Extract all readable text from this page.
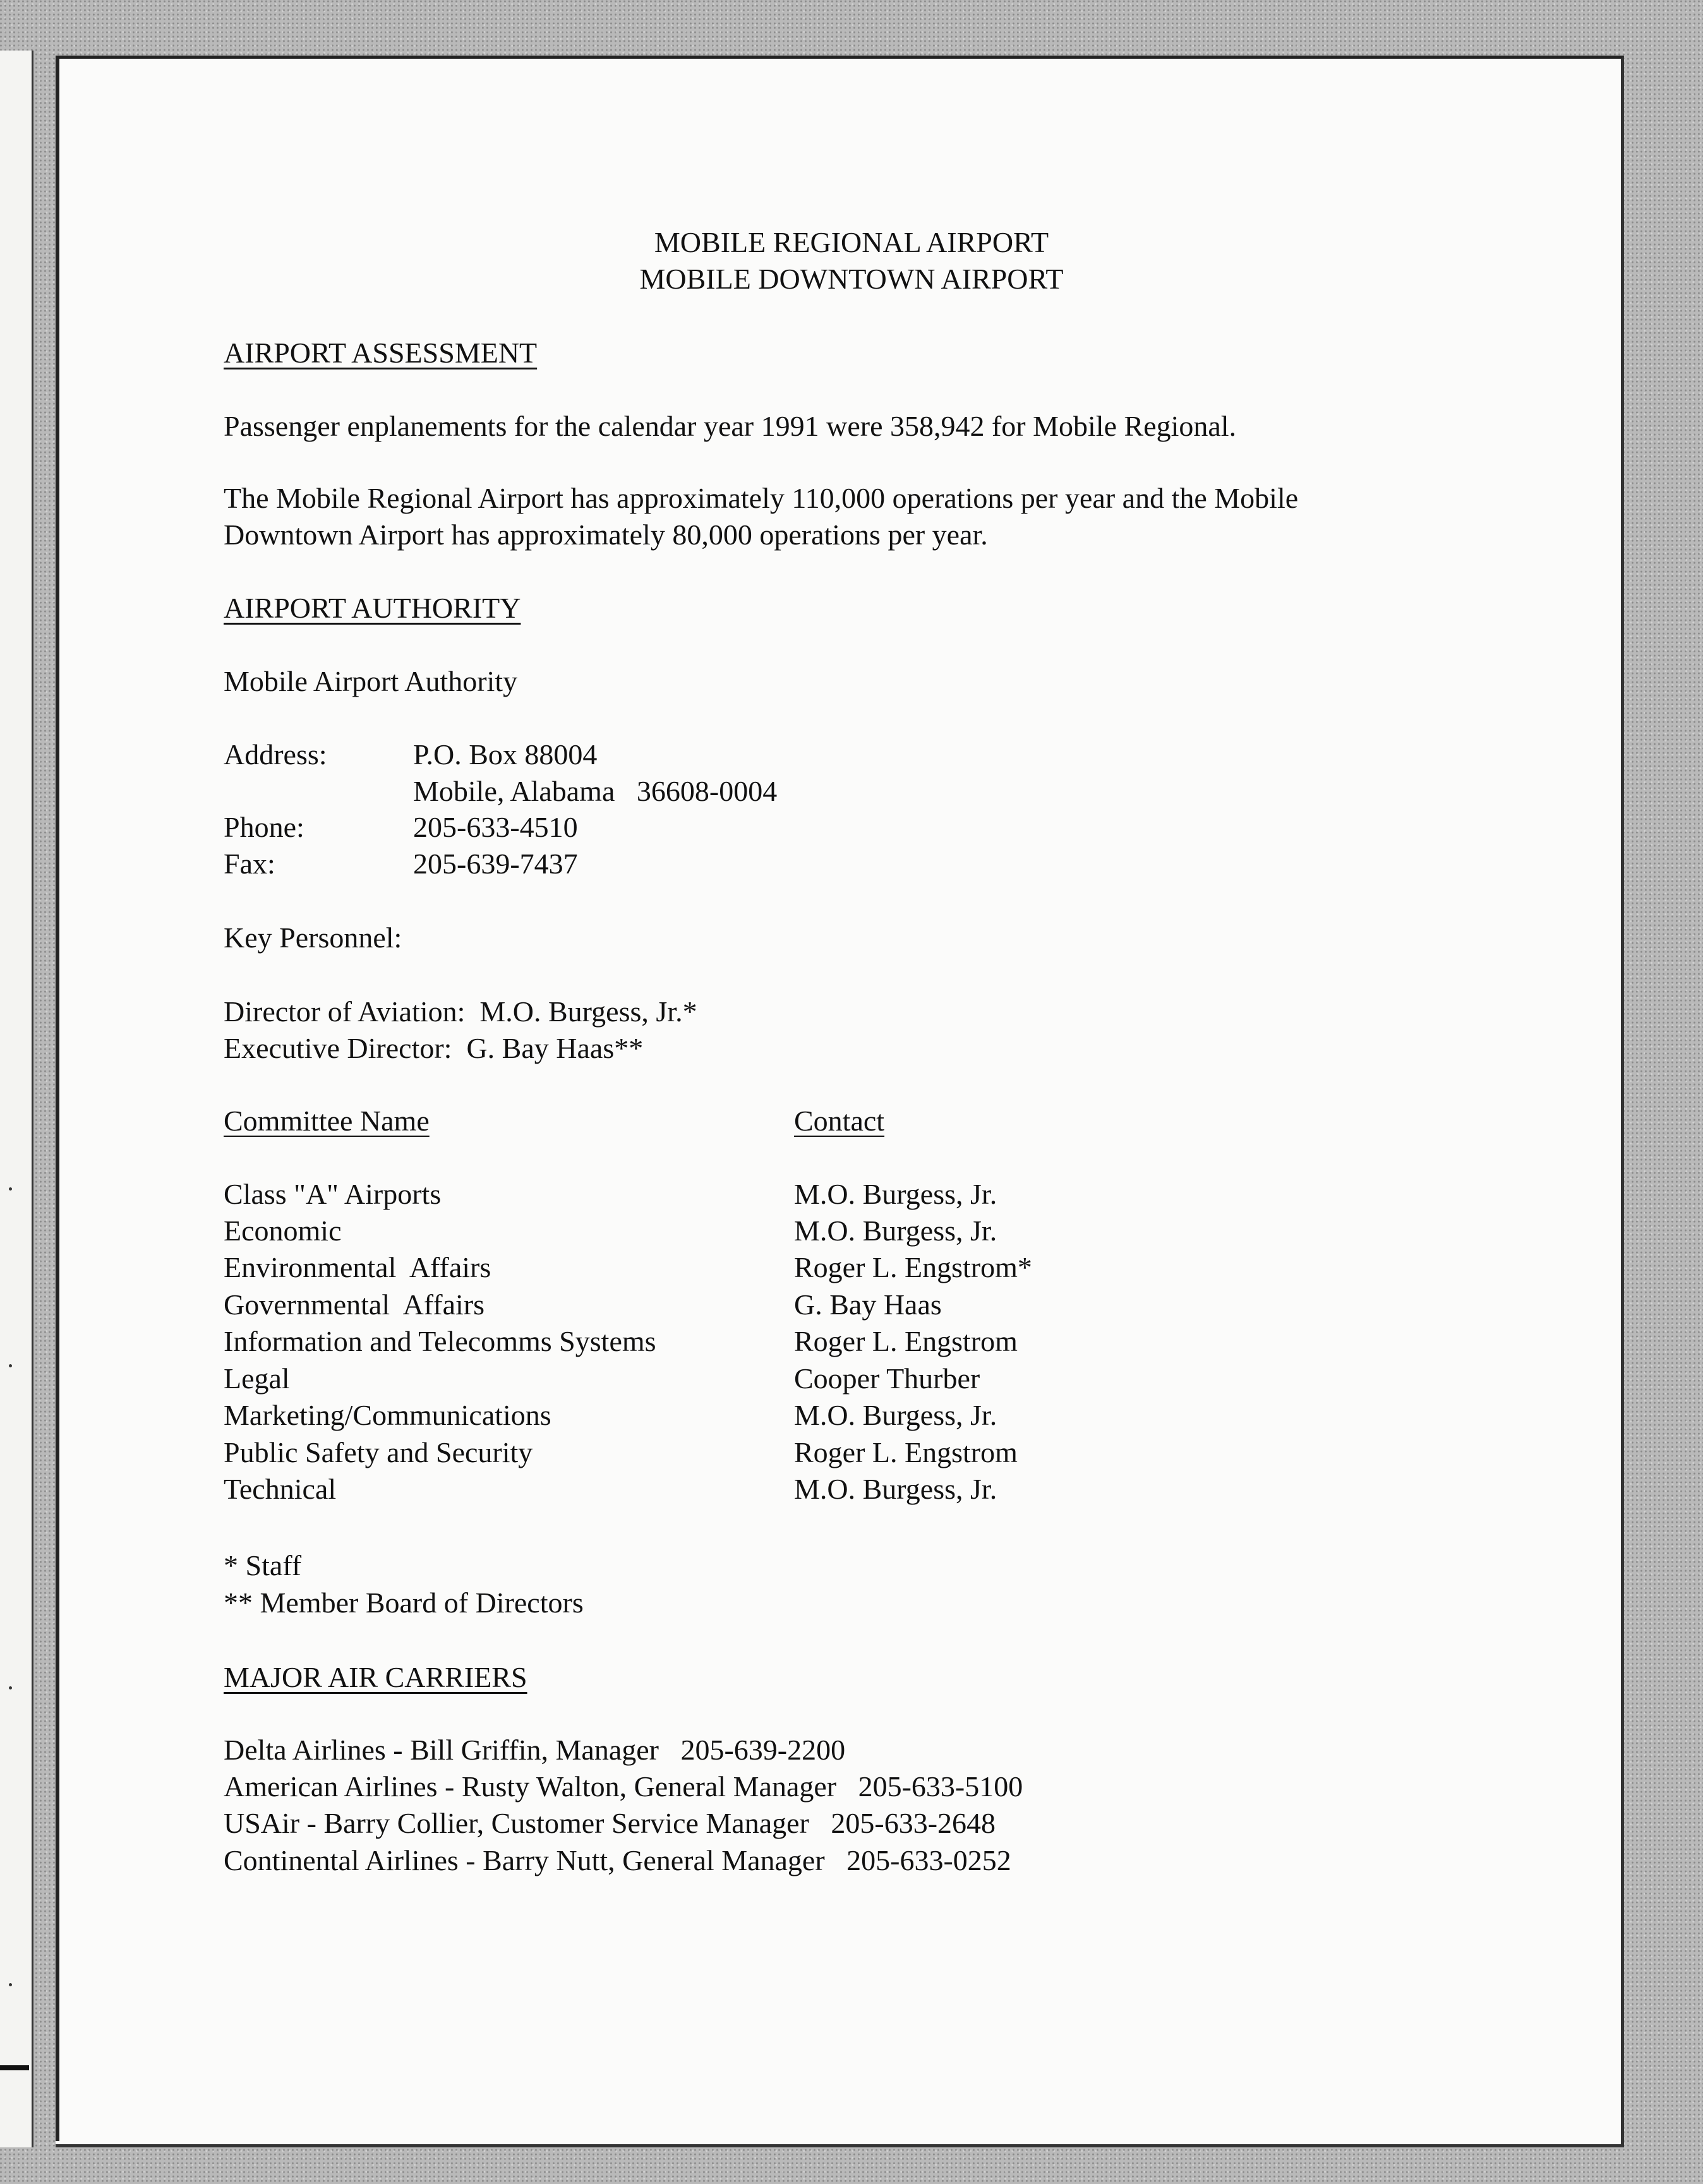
MOBILE REGIONAL AIRPORT
MOBILE DOWNTOWN AIRPORT
AIRPORT ASSESSMENT
Passenger enplanements for the calendar year 1991 were 358,942 for Mobile Regional.
The Mobile Regional Airport has approximately 110,000 operations per year and the Mobile
Downtown Airport has approximately 80,000 operations per year.
AIRPORT AUTHORITY
Mobile Airport Authority
Address:	P.O. Box 88004
Mobile, Alabama   36608-0004
Phone:	205-633-4510
Fax:	205-639-7437
Key Personnel:
Director of Aviation:  M.O. Burgess, Jr.*
Executive Director:  G. Bay Haas**
Committee Name	Contact
Class "A" Airports	M.O. Burgess, Jr.
Economic	M.O. Burgess, Jr.
Environmental  Affairs	Roger L. Engstrom*
Governmental  Affairs	G. Bay Haas
Information and Telecomms Systems	Roger L. Engstrom
Legal	Cooper Thurber
Marketing/Communications	M.O. Burgess, Jr.
Public Safety and Security	Roger L. Engstrom
Technical	M.O. Burgess, Jr.
* Staff
** Member Board of Directors
MAJOR AIR CARRIERS
Delta Airlines - Bill Griffin, Manager   205-639-2200
American Airlines - Rusty Walton, General Manager   205-633-5100
USAir - Barry Collier, Customer Service Manager   205-633-2648
Continental Airlines - Barry Nutt, General Manager   205-633-0252
